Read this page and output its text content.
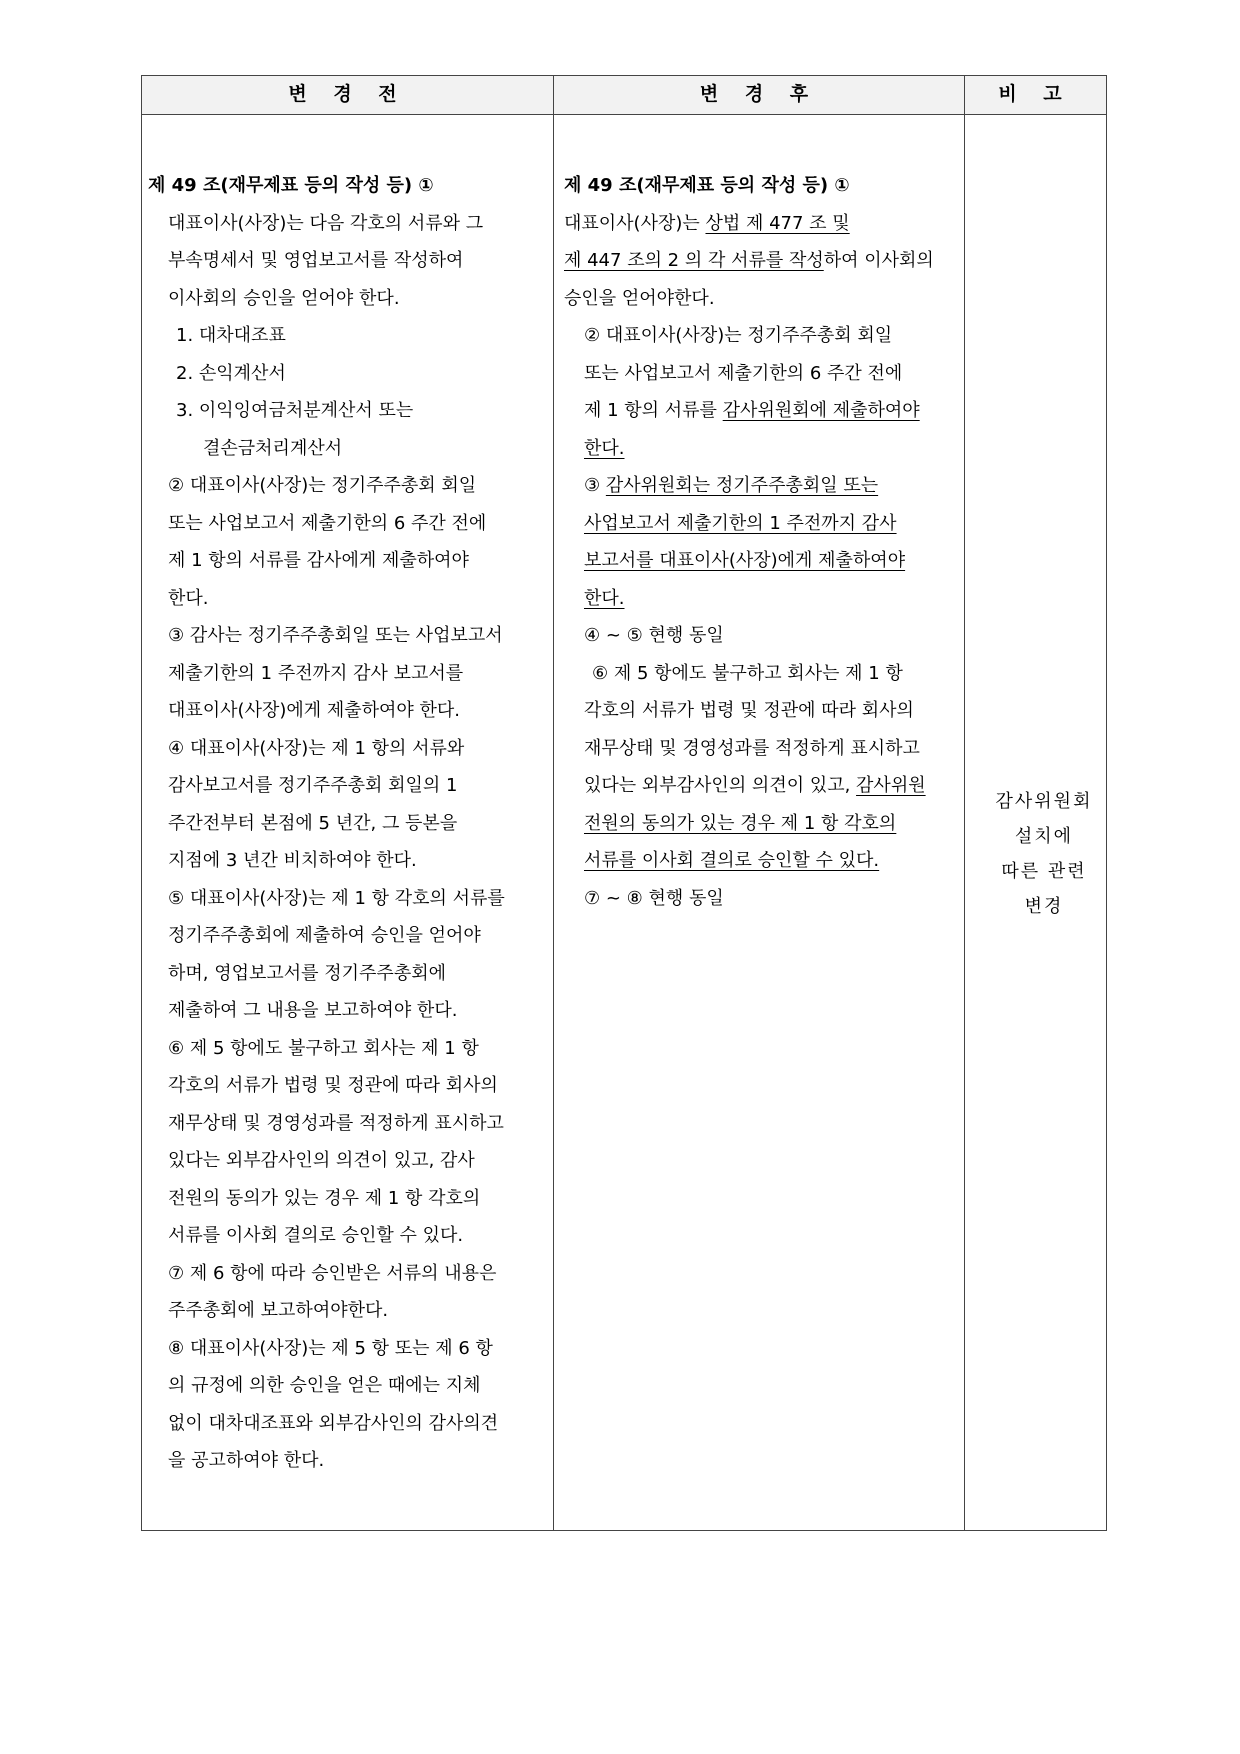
변 경 전	변 경 후	비 고
제 49 조(재무제표 등의 작성 등) ①
대표이사(사장)는 다음 각호의 서류와 그
부속명세서 및 영업보고서를 작성하여
이사회의 승인을 얻어야 한다.
1. 대차대조표
2. 손익계산서
3. 이익잉여금처분계산서 또는
결손금처리계산서
② 대표이사(사장)는 정기주주총회 회일
또는 사업보고서 제출기한의 6 주간 전에
제 1 항의 서류를 감사에게 제출하여야
한다.
③ 감사는 정기주주총회일 또는 사업보고서
제출기한의 1 주전까지 감사 보고서를
대표이사(사장)에게 제출하여야 한다.
④ 대표이사(사장)는 제 1 항의 서류와
감사보고서를 정기주주총회 회일의 1
주간전부터 본점에 5 년간, 그 등본을
지점에 3 년간 비치하여야 한다.
⑤ 대표이사(사장)는 제 1 항 각호의 서류를
정기주주총회에 제출하여 승인을 얻어야
하며, 영업보고서를 정기주주총회에
제출하여 그 내용을 보고하여야 한다.
⑥ 제 5 항에도 불구하고 회사는 제 1 항
각호의 서류가 법령 및 정관에 따라 회사의
재무상태 및 경영성과를 적정하게 표시하고
있다는 외부감사인의 의견이 있고, 감사
전원의 동의가 있는 경우 제 1 항 각호의
서류를 이사회 결의로 승인할 수 있다.
⑦ 제 6 항에 따라 승인받은 서류의 내용은
주주총회에 보고하여야한다.
⑧ 대표이사(사장)는 제 5 항 또는 제 6 항
의 규정에 의한 승인을 얻은 때에는 지체
없이 대차대조표와 외부감사인의 감사의견
을 공고하여야 한다.
제 49 조(재무제표 등의 작성 등) ①
대표이사(사장)는 상법 제 477 조 및
제 447 조의 2 의 각 서류를 작성하여 이사회의
승인을 얻어야한다.
② 대표이사(사장)는 정기주주총회 회일
또는 사업보고서 제출기한의 6 주간 전에
제 1 항의 서류를 감사위원회에 제출하여야
한다.
③ 감사위원회는 정기주주총회일 또는
사업보고서 제출기한의 1 주전까지 감사
보고서를 대표이사(사장)에게 제출하여야
한다.
④ ~ ⑤ 현행 동일
⑥ 제 5 항에도 불구하고 회사는 제 1 항
각호의 서류가 법령 및 정관에 따라 회사의
재무상태 및 경영성과를 적정하게 표시하고
있다는 외부감사인의 의견이 있고, 감사위원
전원의 동의가 있는 경우 제 1 항 각호의
서류를 이사회 결의로 승인할 수 있다.
⑦ ~ ⑧ 현행 동일
감사위원회
설치에
따른 관련
변경
